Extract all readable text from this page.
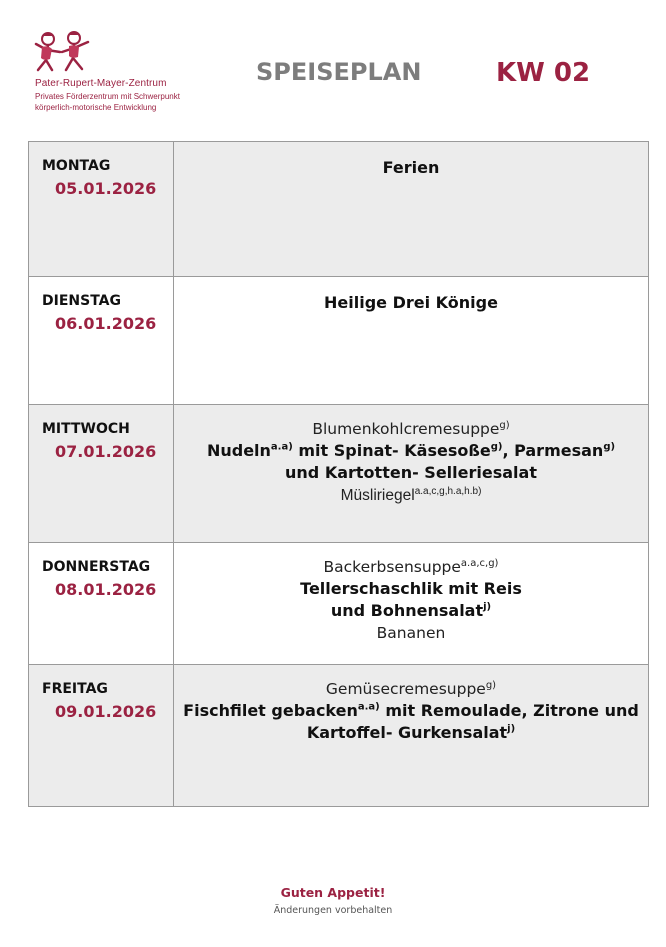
Pater-Rupert-Mayer-Zentrum
Privates Förderzentrum mit Schwerpunkt
körperlich-motorische Entwicklung
SPEISEPLAN	KW 02
MONTAG
05.01.2026	Ferien

DIENSTAG
06.01.2026	Heilige Drei Könige

MITTWOCH
07.01.2026	Blumenkohlcremesuppe$^{g)}$
Nudeln$^{a.a)}$ mit Spinat- Käsesoße$^{g)}$, Parmesan$^{g)}$
und Kartotten- Selleriesalat
Müsliriegel$^{a.a,c,g,h.a,h.b)}$

DONNERSTAG
08.01.2026	Backerbsensuppe$^{a.a,c,g)}$
Tellerschaschlik mit Reis
und Bohnensalat$^{j)}$
Bananen

FREITAG
09.01.2026	Gemüsecremesuppe$^{g)}$
Fischfilet gebacken$^{a.a)}$ mit Remoulade, Zitrone und
Kartoffel- Gurkensalat$^{j)}$
Guten Appetit!
Änderungen vorbehalten
